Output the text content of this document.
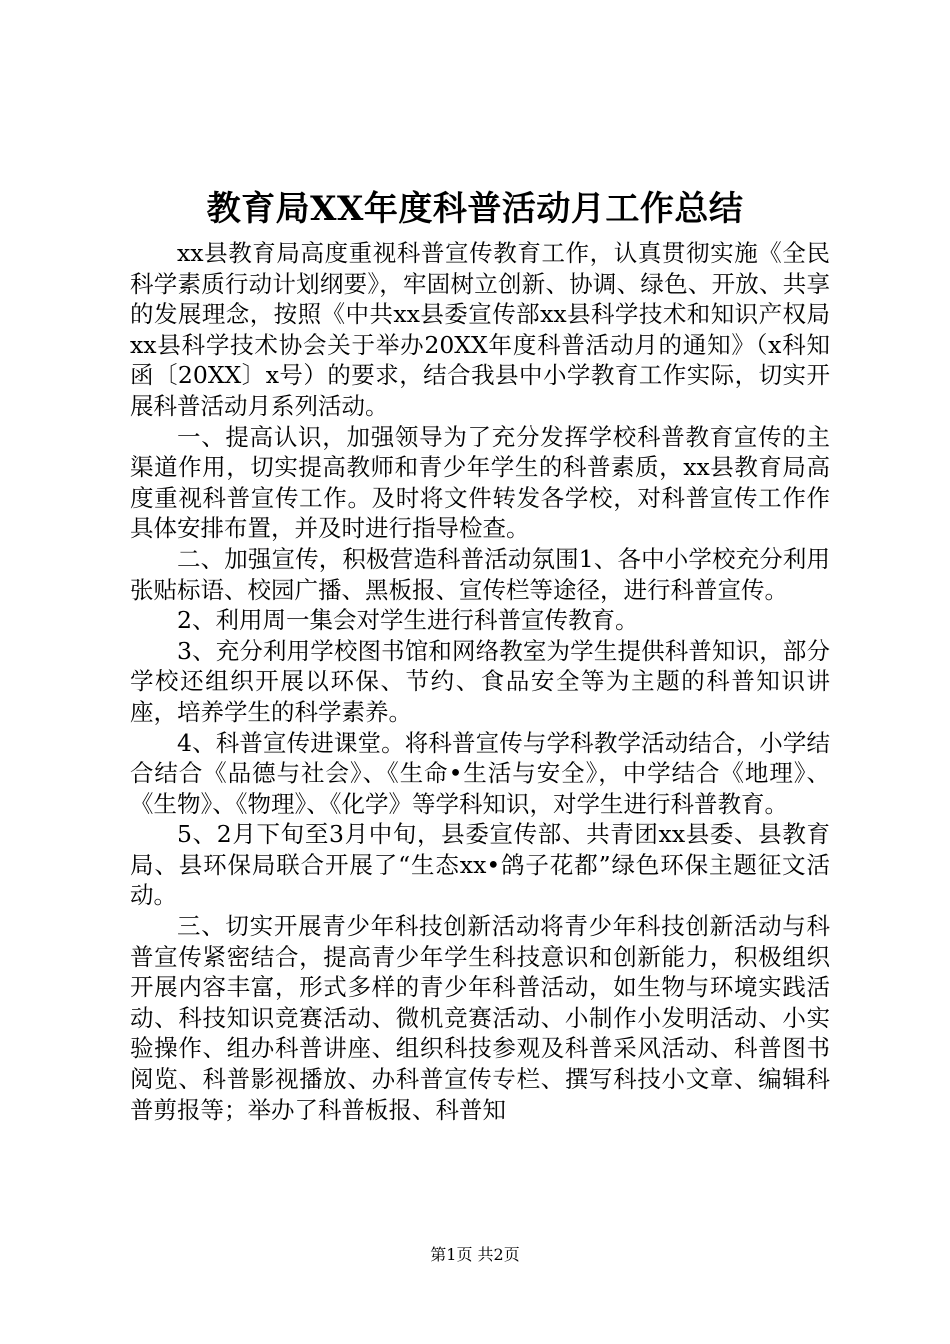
教育局XX年度科普活动月工作总结

xx县教育局高度重视科普宣传教育工作，认真贯彻实施《全民科学素质行动计划纲要》，牢固树立创新、协调、绿色、开放、共享的发展理念，按照《中共xx县委宣传部xx县科学技术和知识产权局xx县科学技术协会关于举办20XX年度科普活动月的通知》（x科知函〔20XX〕x号）的要求，结合我县中小学教育工作实际，切实开展科普活动月系列活动。

一、提高认识，加强领导为了充分发挥学校科普教育宣传的主渠道作用，切实提高教师和青少年学生的科普素质，xx县教育局高度重视科普宣传工作。及时将文件转发各学校，对科普宣传工作作具体安排布置，并及时进行指导检查。

二、加强宣传，积极营造科普活动氛围1、各中小学校充分利用张贴标语、校园广播、黑板报、宣传栏等途径，进行科普宣传。

2、利用周一集会对学生进行科普宣传教育。

3、充分利用学校图书馆和网络教室为学生提供科普知识，部分学校还组织开展以环保、节约、食品安全等为主题的科普知识讲座，培养学生的科学素养。

4、科普宣传进课堂。将科普宣传与学科教学活动结合，小学结合结合《品德与社会》、《生命•生活与安全》，中学结合《地理》、《生物》、《物理》、《化学》等学科知识，对学生进行科普教育。

5、2月下旬至3月中旬，县委宣传部、共青团xx县委、县教育局、县环保局联合开展了“生态xx•鸽子花都”绿色环保主题征文活动。

三、切实开展青少年科技创新活动将青少年科技创新活动与科普宣传紧密结合，提高青少年学生科技意识和创新能力，积极组织开展内容丰富，形式多样的青少年科普活动，如生物与环境实践活动、科技知识竞赛活动、微机竞赛活动、小制作小发明活动、小实验操作、组办科普讲座、组织科技参观及科普采风活动、科普图书阅览、科普影视播放、办科普宣传专栏、撰写科技小文章、编辑科普剪报等；举办了科普板报、科普知

第1页 共2页
